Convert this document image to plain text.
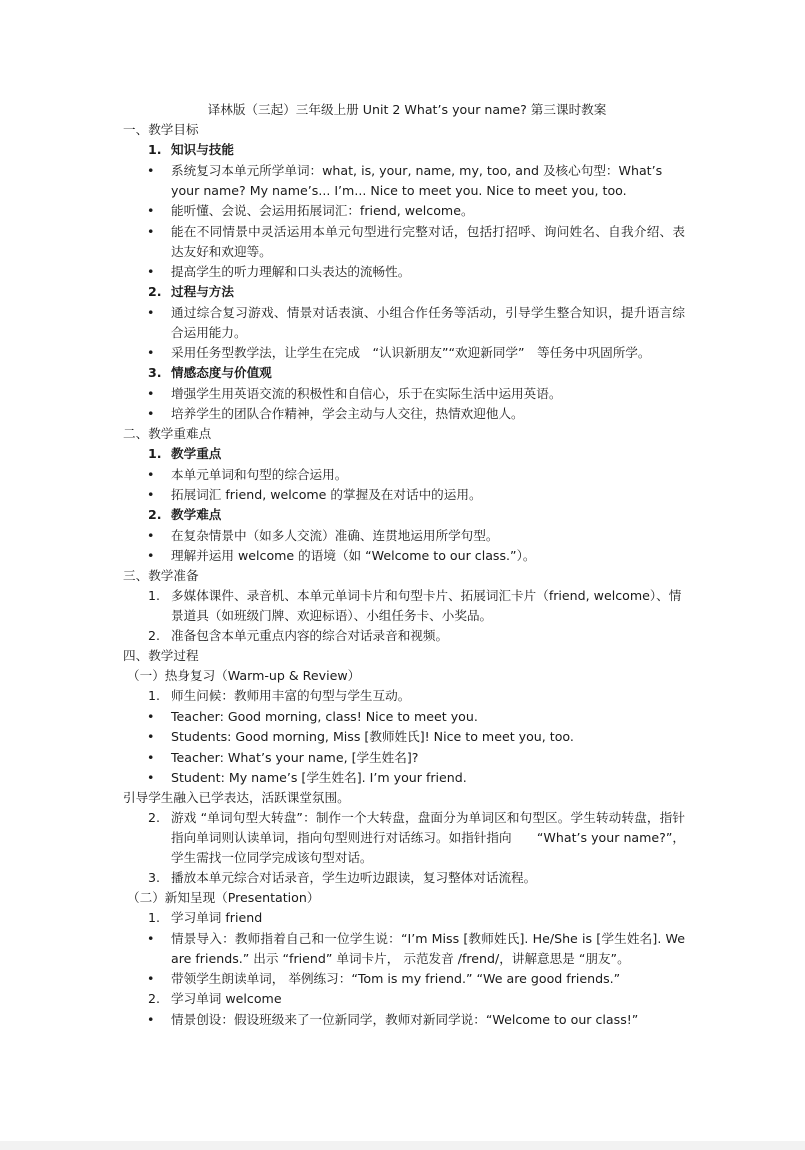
译林版（三起）三年级上册 Unit 2 What’s your name? 第三课时教案
一、教学目标
1. 知识与技能
• 系统复习本单元所学单词：what, is, your, name, my, too, and 及核心句型：What’s your name? My name’s... I’m... Nice to meet you. Nice to meet you, too.
• 能听懂、会说、会运用拓展词汇：friend, welcome。
• 能在不同情景中灵活运用本单元句型进行完整对话，包括打招呼、询问姓名、自我介绍、表达友好和欢迎等。
• 提高学生的听力理解和口头表达的流畅性。
2. 过程与方法
• 通过综合复习游戏、情景对话表演、小组合作任务等活动，引导学生整合知识，提升语言综合运用能力。
• 采用任务型教学法，让学生在完成　“认识新朋友”“欢迎新同学”　等任务中巩固所学。
3. 情感态度与价值观
• 增强学生用英语交流的积极性和自信心，乐于在实际生活中运用英语。
• 培养学生的团队合作精神，学会主动与人交往，热情欢迎他人。
二、教学重难点
1. 教学重点
• 本单元单词和句型的综合运用。
• 拓展词汇 friend, welcome 的掌握及在对话中的运用。
2. 教学难点
• 在复杂情景中（如多人交流）准确、连贯地运用所学句型。
• 理解并运用 welcome 的语境（如 “Welcome to our class.”）。
三、教学准备
1. 多媒体课件、录音机、本单元单词卡片和句型卡片、拓展词汇卡片（friend, welcome）、情景道具（如班级门牌、欢迎标语）、小组任务卡、小奖品。
2. 准备包含本单元重点内容的综合对话录音和视频。
四、教学过程
（一）热身复习（Warm-up & Review）
1. 师生问候：教师用丰富的句型与学生互动。
• Teacher: Good morning, class! Nice to meet you.
• Students: Good morning, Miss [教师姓氏]! Nice to meet you, too.
• Teacher: What’s your name, [学生姓名]?
• Student: My name’s [学生姓名]. I’m your friend.
引导学生融入已学表达，活跃课堂氛围。
2. 游戏 “单词句型大转盘”：制作一个大转盘，盘面分为单词区和句型区。学生转动转盘，指针指向单词则认读单词，指向句型则进行对话练习。如指针指向　　“What’s your name?”，学生需找一位同学完成该句型对话。
3. 播放本单元综合对话录音，学生边听边跟读，复习整体对话流程。
（二）新知呈现（Presentation）
1. 学习单词 friend
• 情景导入：教师指着自己和一位学生说：“I’m Miss [教师姓氏]. He/She is [学生姓名]. We are friends.” 出示 “friend” 单词卡片， 示范发音 /frend/，讲解意思是 “朋友”。
• 带领学生朗读单词， 举例练习：“Tom is my friend.” “We are good friends.”
2. 学习单词 welcome
• 情景创设：假设班级来了一位新同学，教师对新同学说：“Welcome to our class!”
